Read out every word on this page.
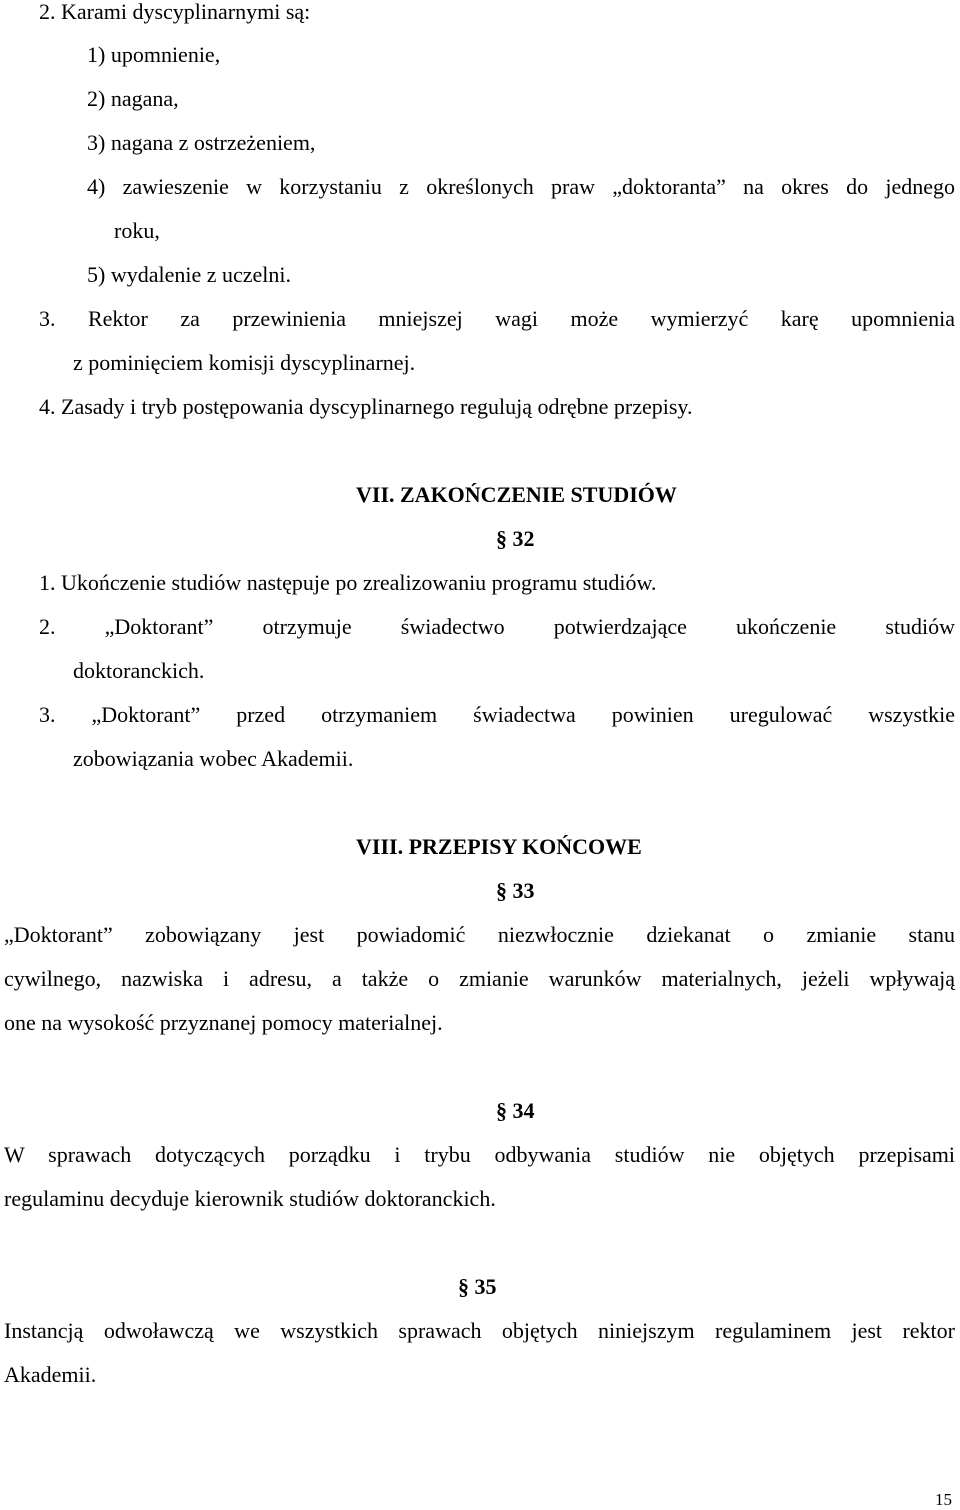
2. Karami dyscyplinarnymi są:
1) upomnienie,
2) nagana,
3) nagana z ostrzeżeniem,
4) zawieszenie w korzystaniu z określonych praw „doktoranta” na okres do jednego
roku,
5) wydalenie z uczelni.
3. Rektor za przewinienia mniejszej wagi może wymierzyć karę upomnienia
z pominięciem komisji dyscyplinarnej.
4. Zasady i tryb postępowania dyscyplinarnego regulują odrębne przepisy.
VII. ZAKOŃCZENIE STUDIÓW
§ 32
1. Ukończenie studiów następuje po zrealizowaniu programu studiów.
2. „Doktorant” otrzymuje świadectwo potwierdzające ukończenie studiów
doktoranckich.
3. „Doktorant” przed otrzymaniem świadectwa powinien uregulować wszystkie
zobowiązania wobec Akademii.
VIII. PRZEPISY KOŃCOWE
§ 33
„Doktorant” zobowiązany jest powiadomić niezwłocznie dziekanat o zmianie stanu
cywilnego, nazwiska i adresu, a także o zmianie warunków materialnych, jeżeli wpływają
one na wysokość przyznanej pomocy materialnej.
§ 34
W sprawach dotyczących porządku i trybu odbywania studiów nie objętych przepisami
regulaminu decyduje kierownik studiów doktoranckich.
§ 35
Instancją odwoławczą we wszystkich sprawach objętych niniejszym regulaminem jest rektor
Akademii.
15
